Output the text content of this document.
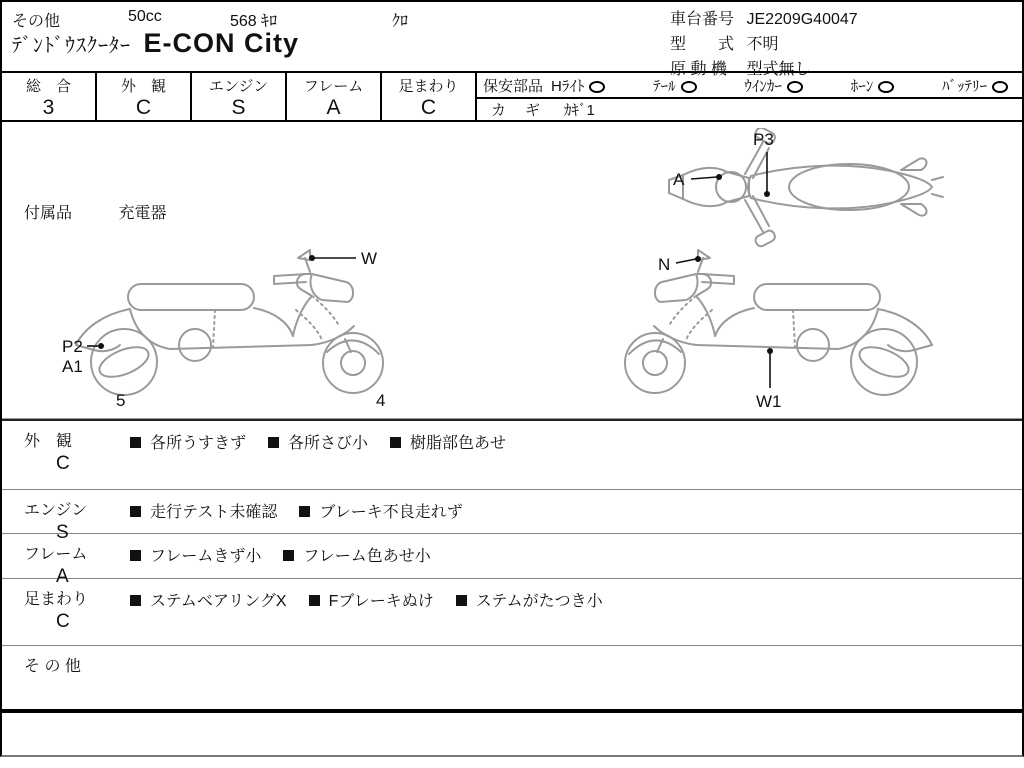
その他	50cc	568 ｷﾛ	ｸﾛ
ﾃﾞﾝﾄﾞｳｽｸｰﾀｰ E-CON City
車台番号 JE2209G40047
型　　式 不明
原 動 機 型式無し
総　合
3
外　観
C
エンジン
S
フレーム
A
足まわり
C
保安部品 Hﾗｲﾄ	ﾃｰﾙ	ｳｲﾝｶｰ	ﾎｰﾝ	ﾊﾞｯﾃﾘｰ
カ　ギ ｶｷﾞ1
付属品	充電器
P3
A
W
P2
A1
5	4
N
W1
外　観
C
各所うすきず	各所さび小	樹脂部色あせ
エンジン
S
走行テスト未確認	ブレーキ不良走れず
フレーム
A
フレームきず小	フレーム色あせ小
足まわり
C
ステムベアリングX	Fブレーキぬけ	ステムがたつき小
そ の 他
